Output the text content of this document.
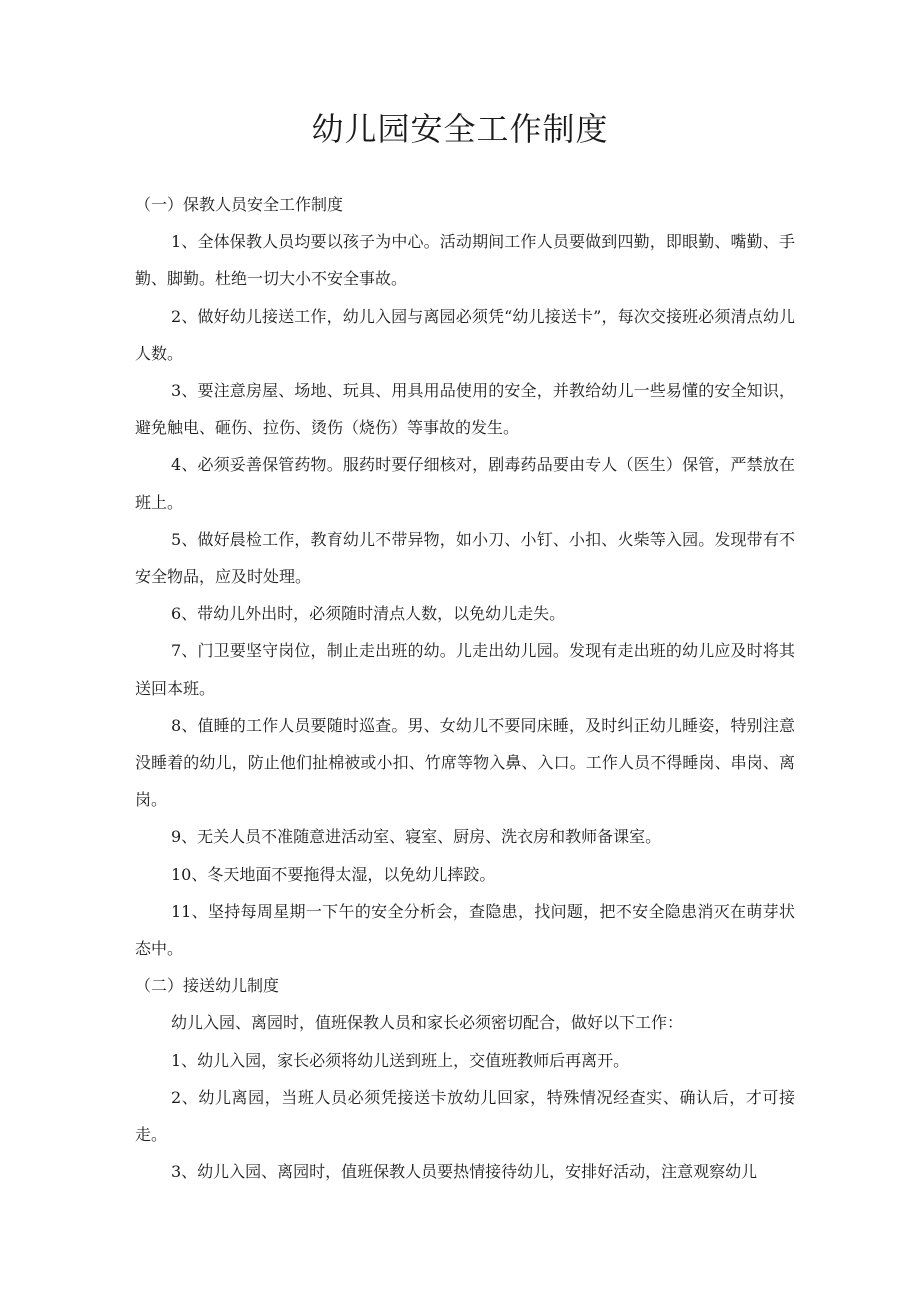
幼儿园安全工作制度

（一）保教人员安全工作制度

1、全体保教人员均要以孩子为中心。活动期间工作人员要做到四勤，即眼勤、嘴勤、手勤、脚勤。杜绝一切大小不安全事故。

2、做好幼儿接送工作，幼儿入园与离园必须凭“幼儿接送卡”，每次交接班必须清点幼儿人数。

3、要注意房屋、场地、玩具、用具用品使用的安全，并教给幼儿一些易懂的安全知识，避免触电、砸伤、拉伤、烫伤（烧伤）等事故的发生。

4、必须妥善保管药物。服药时要仔细核对，剧毒药品要由专人（医生）保管，严禁放在班上。

5、做好晨检工作，教育幼儿不带异物，如小刀、小钉、小扣、火柴等入园。发现带有不安全物品，应及时处理。

6、带幼儿外出时，必须随时清点人数，以免幼儿走失。

7、门卫要坚守岗位，制止走出班的幼。儿走出幼儿园。发现有走出班的幼儿应及时将其送回本班。

8、值睡的工作人员要随时巡查。男、女幼儿不要同床睡，及时纠正幼儿睡姿，特别注意没睡着的幼儿，防止他们扯棉被或小扣、竹席等物入鼻、入口。工作人员不得睡岗、串岗、离岗。

9、无关人员不准随意进活动室、寝室、厨房、洗衣房和教师备课室。

10、冬天地面不要拖得太湿，以免幼儿摔跤。

11、坚持每周星期一下午的安全分析会，查隐患，找问题，把不安全隐患消灭在萌芽状态中。

（二）接送幼儿制度

幼儿入园、离园时，值班保教人员和家长必须密切配合，做好以下工作：

1、幼儿入园，家长必须将幼儿送到班上，交值班教师后再离开。

2、幼儿离园，当班人员必须凭接送卡放幼儿回家，特殊情况经查实、确认后，才可接走。

3、幼儿入园、离园时，值班保教人员要热情接待幼儿，安排好活动，注意观察幼儿
